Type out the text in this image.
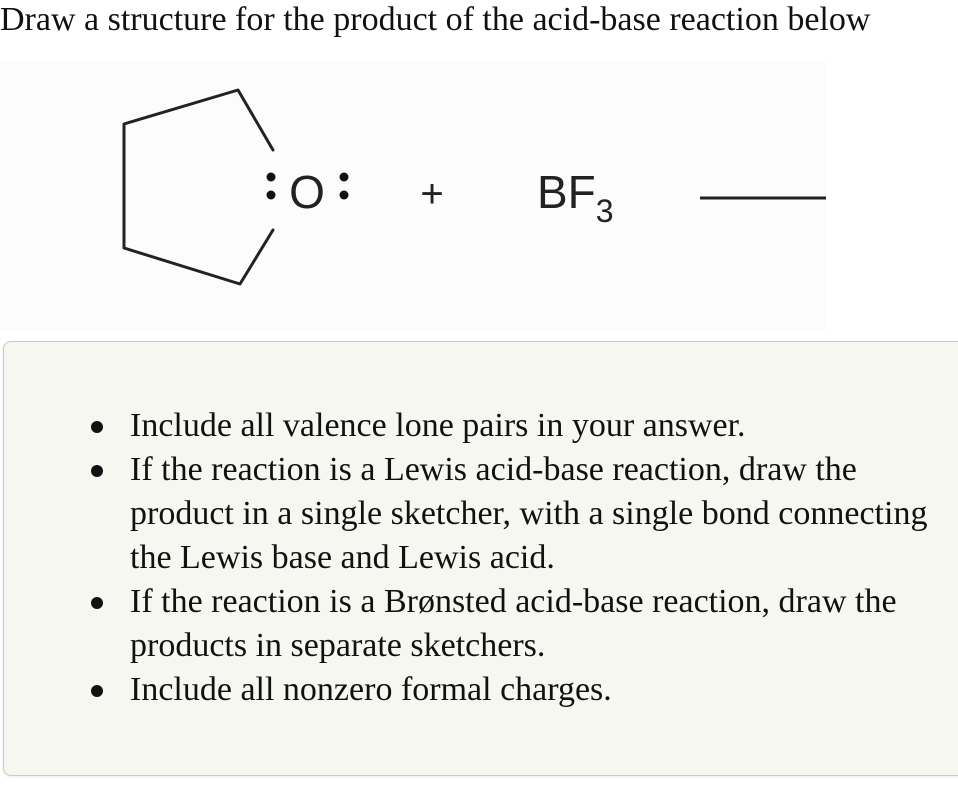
Draw a structure for the product of the acid-base reaction below
$O + BF_3$
Include all valence lone pairs in your answer.
If the reaction is a Lewis acid-base reaction, draw the product in a single sketcher, with a single bond connecting the Lewis base and Lewis acid.
If the reaction is a Brønsted acid-base reaction, draw the products in separate sketchers.
Include all nonzero formal charges.
